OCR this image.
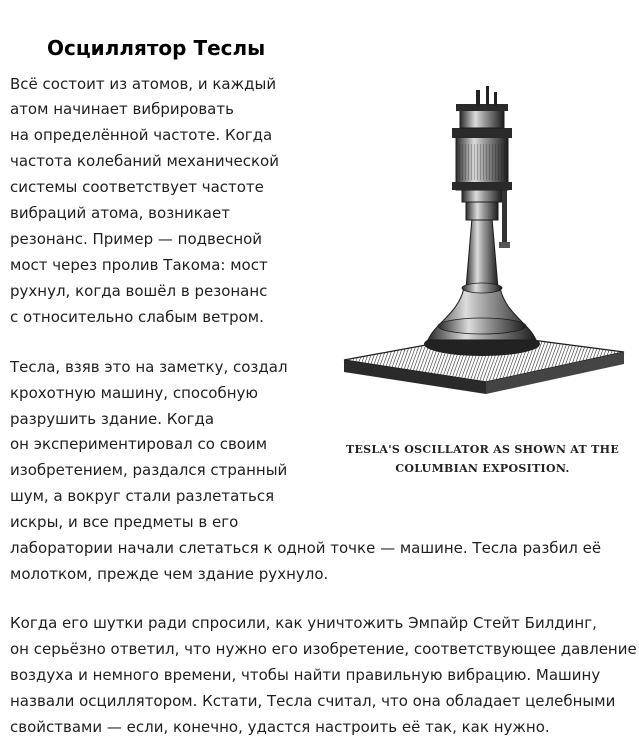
Осциллятор Теслы
Всё состоит из атомов, и каждый
атом начинает вибрировать
на определённой частоте. Когда
частота колебаний механической
системы соответствует частоте
вибраций атома, возникает
резонанс. Пример — подвесной
мост через пролив Такома: мост
рухнул, когда вошёл в резонанс
с относительно слабым ветром.
Тесла, взяв это на заметку, создал
крохотную машину, способную
разрушить здание. Когда
он экспериментировал со своим
изобретением, раздался странный
шум, а вокруг стали разлетаться
искры, и все предметы в его
лаборатории начали слетаться к одной точке — машине. Тесла разбил её
молотком, прежде чем здание рухнуло.
Когда его шутки ради спросили, как уничтожить Эмпайр Стейт Билдинг,
он серьёзно ответил, что нужно его изобретение, соответствующее давление
воздуха и немного времени, чтобы найти правильную вибрацию. Машину
назвали осциллятором. Кстати, Тесла считал, что она обладает целебными
свойствами — если, конечно, удастся настроить её так, как нужно.
TESLA'S OSCILLATOR AS SHOWN AT THE
COLUMBIAN EXPOSITION.
